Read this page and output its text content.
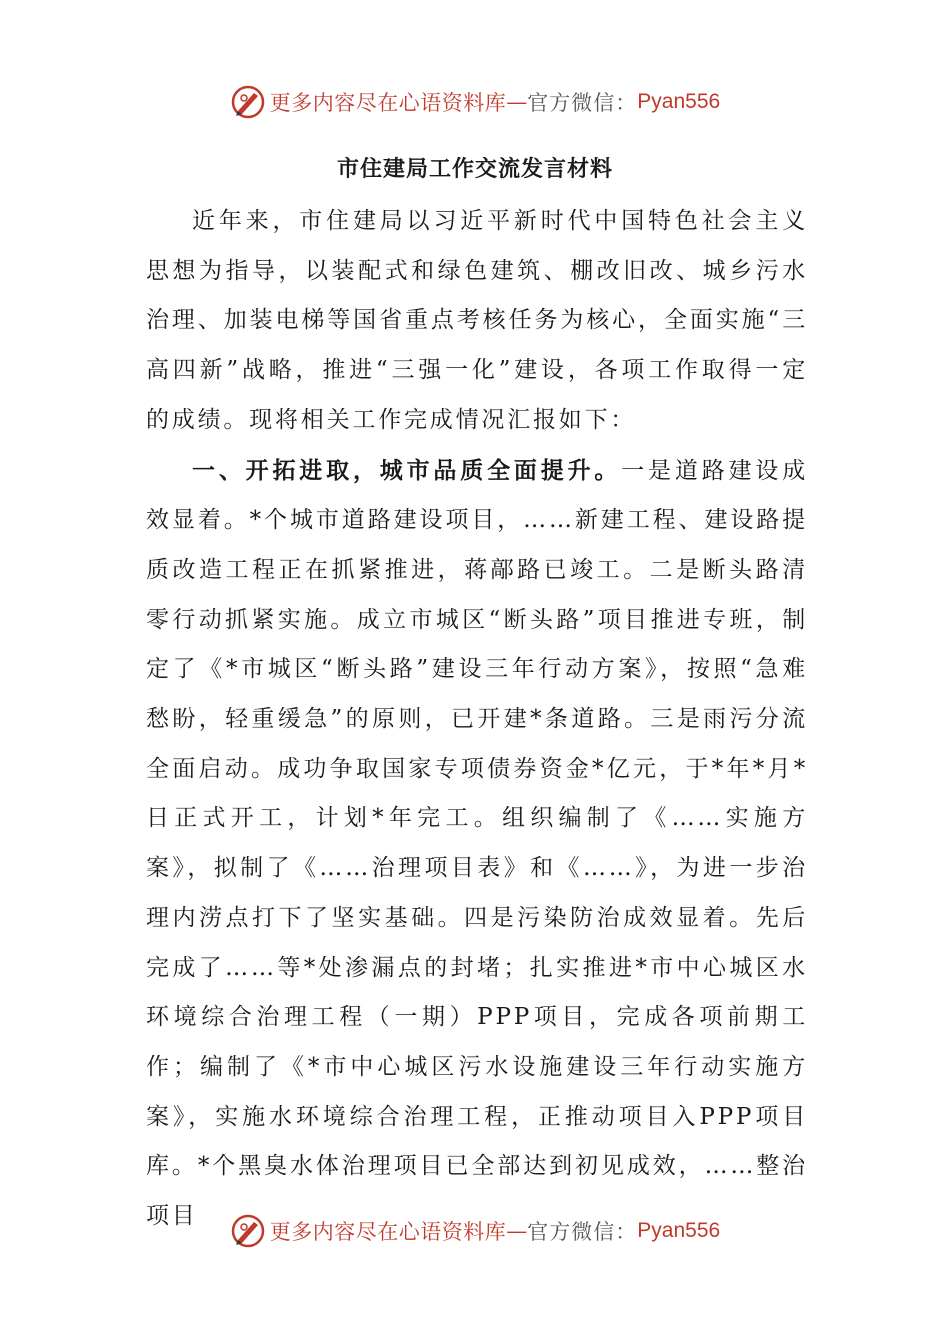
更多内容尽在心语资料库 — 官方微信： Pyan556
市住建局工作交流发言材料

近年来，市住建局以习近平新时代中国特色社会主义思想为指导，以装配式和绿色建筑、棚改旧改、城乡污水治理、加装电梯等国省重点考核任务为核心，全面实施“三高四新”战略，推进“三强一化”建设，各项工作取得一定的成绩。现将相关工作完成情况汇报如下：

一、开拓进取，城市品质全面提升。一是道路建设成效显着。*个城市道路建设项目，……新建工程、建设路提质改造工程正在抓紧推进，蒋鄗路已竣工。二是断头路清零行动抓紧实施。成立市城区“断头路”项目推进专班，制定了《*市城区“断头路”建设三年行动方案》，按照“急难愁盼，轻重缓急”的原则，已开建*条道路。三是雨污分流全面启动。成功争取国家专项债券资金*亿元，于*年*月*日正式开工，计划*年完工。组织编制了《……实施方案》，拟制了《……治理项目表》和《……》，为进一步治理内涝点打下了坚实基础。四是污染防治成效显着。先后完成了……等*处渗漏点的封堵；扎实推进*市中心城区水环境综合治理工程（一期）PPP项目，完成各项前期工作；编制了《*市中心城区污水设施建设三年行动实施方案》，实施水环境综合治理工程，正推动项目入PPP项目库。*个黑臭水体治理项目已全部达到初见成效，……整治项目

更多内容尽在心语资料库 — 官方微信： Pyan556
